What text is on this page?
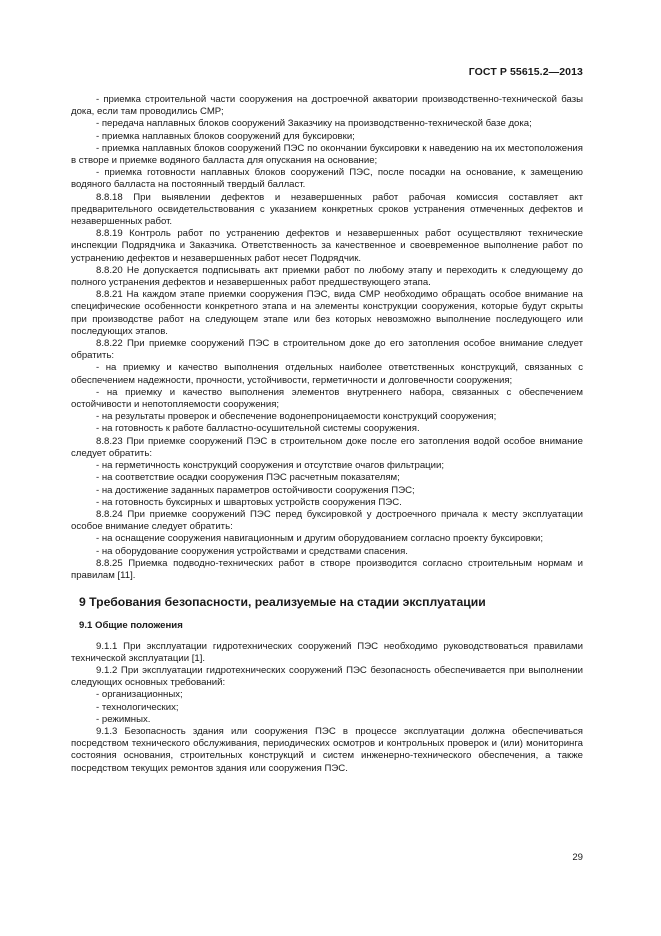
ГОСТ Р 55615.2—2013

- приемка строительной части сооружения на достроечной акватории производственно-технической базы дока, если там проводились СМР;

- передача наплавных блоков сооружений Заказчику на производственно-технической базе дока;

- приемка наплавных блоков сооружений для буксировки;

- приемка наплавных блоков сооружений ПЭС по окончании буксировки к наведению на их местоположения в створе и приемке водяного балласта для опускания на основание;

- приемка готовности наплавных блоков сооружений ПЭС, после посадки на основание, к замещению водяного балласта на постоянный твердый балласт.

8.8.18 При выявлении дефектов и незавершенных работ рабочая комиссия составляет акт предварительного освидетельствования с указанием конкретных сроков устранения отмеченных дефектов и незавершенных работ.

8.8.19 Контроль работ по устранению дефектов и незавершенных работ осуществляют технические инспекции Подрядчика и Заказчика. Ответственность за качественное и своевременное выполнение работ по устранению дефектов и незавершенных работ несет Подрядчик.

8.8.20 Не допускается подписывать акт приемки работ по любому этапу и переходить к следующему до полного устранения дефектов и незавершенных работ предшествующего этапа.

8.8.21 На каждом этапе приемки сооружения ПЭС, вида СМР необходимо обращать особое внимание на специфические особенности конкретного этапа и на элементы конструкции сооружения, которые будут скрыты при производстве работ на следующем этапе или без которых невозможно выполнение последующего или последующих этапов.

8.8.22 При приемке сооружений ПЭС в строительном доке до его затопления особое внимание следует обратить:

- на приемку и качество выполнения отдельных наиболее ответственных конструкций, связанных с обеспечением надежности, прочности, устойчивости, герметичности и долговечности сооружения;

- на приемку и качество выполнения элементов внутреннего набора, связанных с обеспечением остойчивости и непотопляемости сооружения;

- на результаты проверок и обеспечение водонепроницаемости конструкций сооружения;

- на готовность к работе балластно-осушительной системы сооружения.

8.8.23 При приемке сооружений ПЭС в строительном доке после его затопления водой особое внимание следует обратить:

- на герметичность конструкций сооружения и отсутствие очагов фильтрации;

- на соответствие осадки сооружения ПЭС расчетным показателям;

- на достижение заданных параметров остойчивости сооружения ПЭС;

- на готовность буксирных и швартовых устройств сооружения ПЭС.

8.8.24 При приемке сооружений ПЭС перед буксировкой у достроечного причала к месту эксплуатации особое внимание следует обратить:

- на оснащение сооружения навигационным и другим оборудованием согласно проекту буксировки;

- на оборудование сооружения устройствами и средствами спасения.

8.8.25 Приемка подводно-технических работ в створе производится согласно строительным нормам и правилам [11].

9 Требования безопасности, реализуемые на стадии эксплуатации

9.1 Общие положения

9.1.1 При эксплуатации гидротехнических сооружений ПЭС необходимо руководствоваться правилами технической эксплуатации [1].

9.1.2 При эксплуатации гидротехнических сооружений ПЭС безопасность обеспечивается при выполнении следующих основных требований:

- организационных;

- технологических;

- режимных.

9.1.3 Безопасность здания или сооружения ПЭС в процессе эксплуатации должна обеспечиваться посредством технического обслуживания, периодических осмотров и контрольных проверок и (или) мониторинга состояния основания, строительных конструкций и систем инженерно-технического обеспечения, а также посредством текущих ремонтов здания или сооружения ПЭС.

29
